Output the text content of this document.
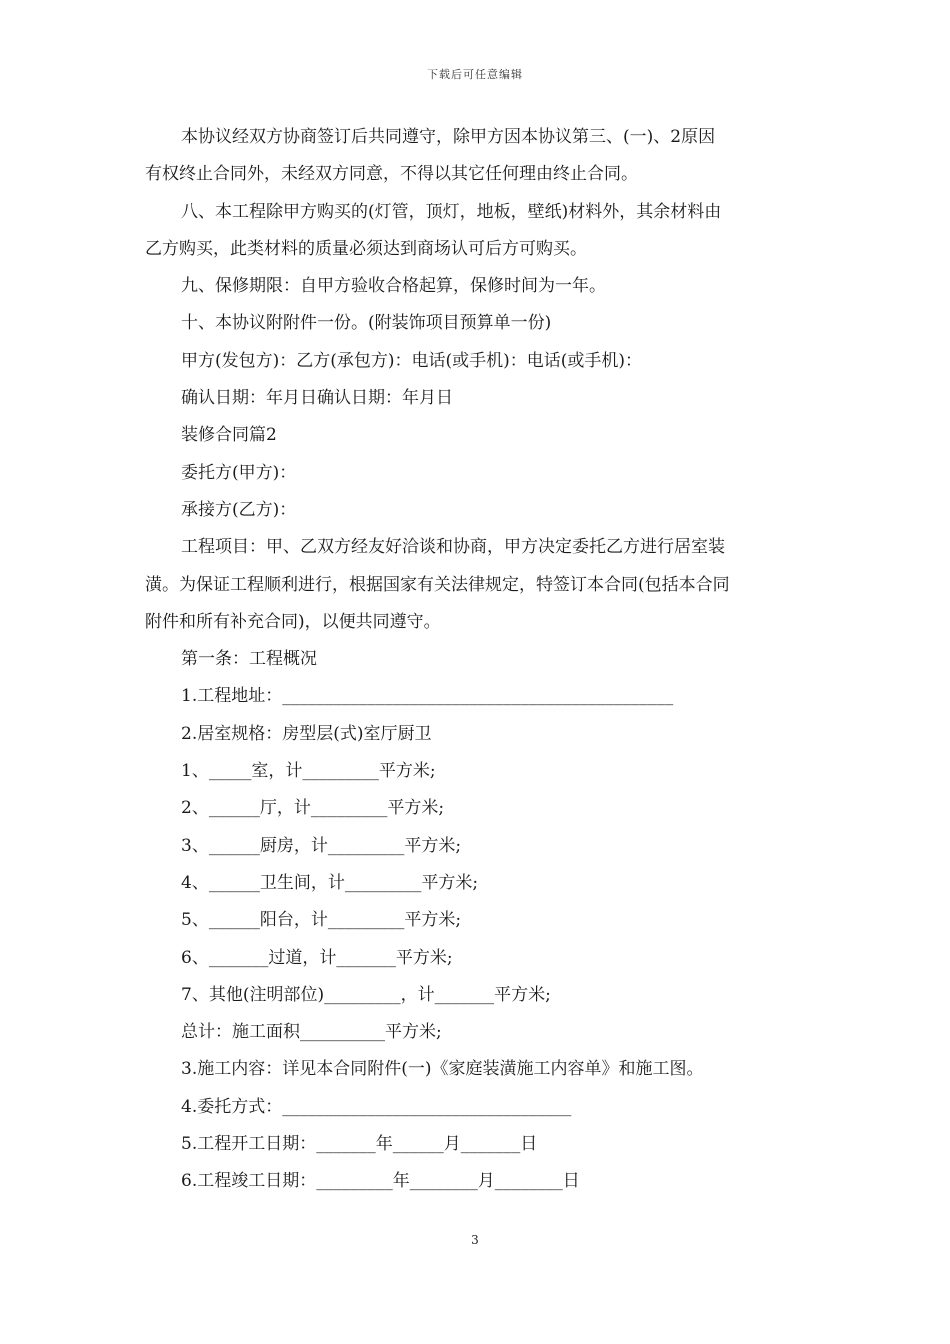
下载后可任意编辑
本协议经双方协商签订后共同遵守，除甲方因本协议第三、(一)、2原因
有权终止合同外，未经双方同意，不得以其它任何理由终止合同。
八、本工程除甲方购买的(灯管，顶灯，地板，壁纸)材料外，其余材料由
乙方购买，此类材料的质量必须达到商场认可后方可购买。
九、保修期限：自甲方验收合格起算，保修时间为一年。
十、本协议附附件一份。(附装饰项目预算单一份)
甲方(发包方)：乙方(承包方)：电话(或手机)：电话(或手机)：
确认日期：年月日确认日期：年月日
装修合同篇2
委托方(甲方)：
承接方(乙方)：
工程项目：甲、乙双方经友好洽谈和协商，甲方决定委托乙方进行居室装
潢。为保证工程顺利进行，根据国家有关法律规定，特签订本合同(包括本合同
附件和所有补充合同)，以便共同遵守。
第一条：工程概况
1.工程地址：______________________________________________
2.居室规格：房型层(式)室厅厨卫
1、_____室，计_________平方米;
2、______厅，计_________平方米;
3、______厨房，计_________平方米;
4、______卫生间，计_________平方米;
5、______阳台，计_________平方米;
6、_______过道，计_______平方米;
7、其他(注明部位)_________，计_______平方米;
总计：施工面积__________平方米;
3.施工内容：详见本合同附件(一)《家庭装潢施工内容单》和施工图。
4.委托方式：__________________________________
5.工程开工日期：_______年______月_______日
6.工程竣工日期：_________年________月________日
3
